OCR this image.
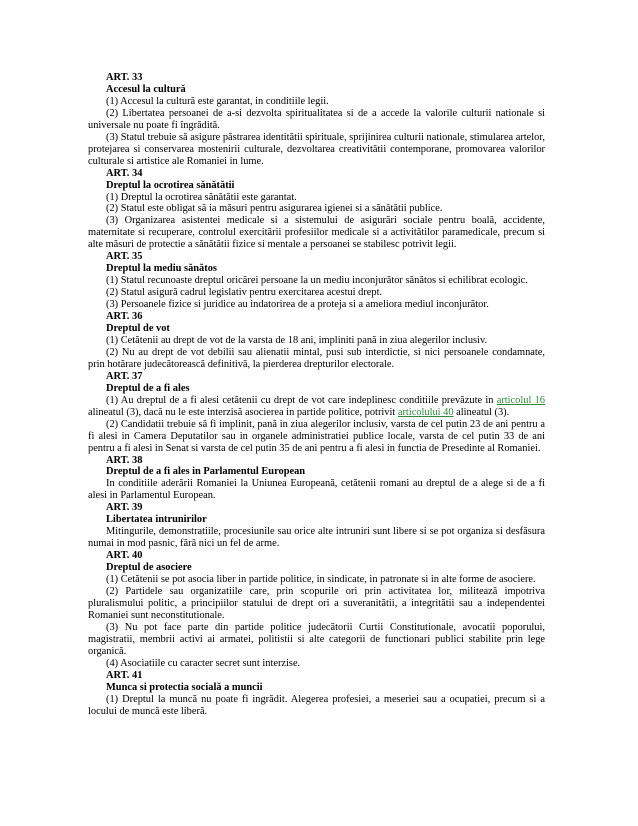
ART. 33
Accesul la cultură
(1) Accesul la cultură este garantat, in conditiile legii.
(2) Libertatea persoanei de a-si dezvolta spiritualitatea si de a accede la valorile culturii nationale si universale nu poate fi îngrădită.
(3) Statul trebuie să asigure păstrarea identitătii spirituale, sprijinirea culturii nationale, stimularea artelor, protejarea si conservarea mostenirii culturale, dezvoltarea creativitătii contemporane, promovarea valorilor culturale si artistice ale Romaniei in lume.
ART. 34
Dreptul la ocrotirea sănătătii
(1) Dreptul la ocrotirea sănătătii este garantat.
(2) Statul este obligat să ia măsuri pentru asigurarea igienei si a sănătătii publice.
(3) Organizarea asistentei medicale si a sistemului de asigurări sociale pentru boală, accidente, maternitate si recuperare, controlul exercitării profesiilor medicale si a activitătilor paramedicale, precum si alte măsuri de protectie a sănătătii fizice si mentale a persoanei se stabilesc potrivit legii.
ART. 35
Dreptul la mediu sănătos
(1) Statul recunoaste dreptul oricărei persoane la un mediu inconjurător sănătos si echilibrat ecologic.
(2) Statul asigură cadrul legislativ pentru exercitarea acestui drept.
(3) Persoanele fizice si juridice au indatorirea de a proteja si a ameliora mediul inconjurător.
ART. 36
Dreptul de vot
(1) Cetătenii au drept de vot de la varsta de 18 ani, impliniti pană in ziua alegerilor inclusiv.
(2) Nu au drept de vot debilii sau alienatii mintal, pusi sub interdictie, si nici persoanele condamnate, prin hotărare judecătorească definitivă, la pierderea drepturilor electorale.
ART. 37
Dreptul de a fi ales
(1) Au dreptul de a fi alesi cetătenii cu drept de vot care indeplinesc conditiile prevăzute in articolul 16 alineatul (3), dacă nu le este interzisă asocierea in partide politice, potrivit articolului 40 alineatul (3).
(2) Candidatii trebuie să fi implinit, pană in ziua alegerilor inclusiv, varsta de cel putin 23 de ani pentru a fi alesi in Camera Deputatilor sau in organele administratiei publice locale, varsta de cel putin 33 de ani pentru a fi alesi in Senat si varsta de cel putin 35 de ani pentru a fi alesi in functia de Presedinte al Romaniei.
ART. 38
Dreptul de a fi ales in Parlamentul European
In conditiile aderării Romaniei la Uniunea Europeană, cetătenii romani au dreptul de a alege si de a fi alesi in Parlamentul European.
ART. 39
Libertatea intrunirilor
Mitingurile, demonstratiile, procesiunile sau orice alte intruniri sunt libere si se pot organiza si desfăsura numai in mod pasnic, fără nici un fel de arme.
ART. 40
Dreptul de asociere
(1) Cetătenii se pot asocia liber in partide politice, in sindicate, in patronate si in alte forme de asociere.
(2) Partidele sau organizatiile care, prin scopurile ori prin activitatea lor, militează impotriva pluralismului politic, a principiilor statului de drept ori a suveranitătii, a integritătii sau a independentei Romaniei sunt neconstitutionale.
(3) Nu pot face parte din partide politice judecătorii Curtii Constitutionale, avocatii poporului, magistratii, membrii activi ai armatei, politistii si alte categorii de functionari publici stabilite prin lege organică.
(4) Asociatiile cu caracter secret sunt interzise.
ART. 41
Munca si protectia socială a muncii
(1) Dreptul la muncă nu poate fi ingrădit. Alegerea profesiei, a meseriei sau a ocupatiei, precum si a locului de muncă este liberă.
